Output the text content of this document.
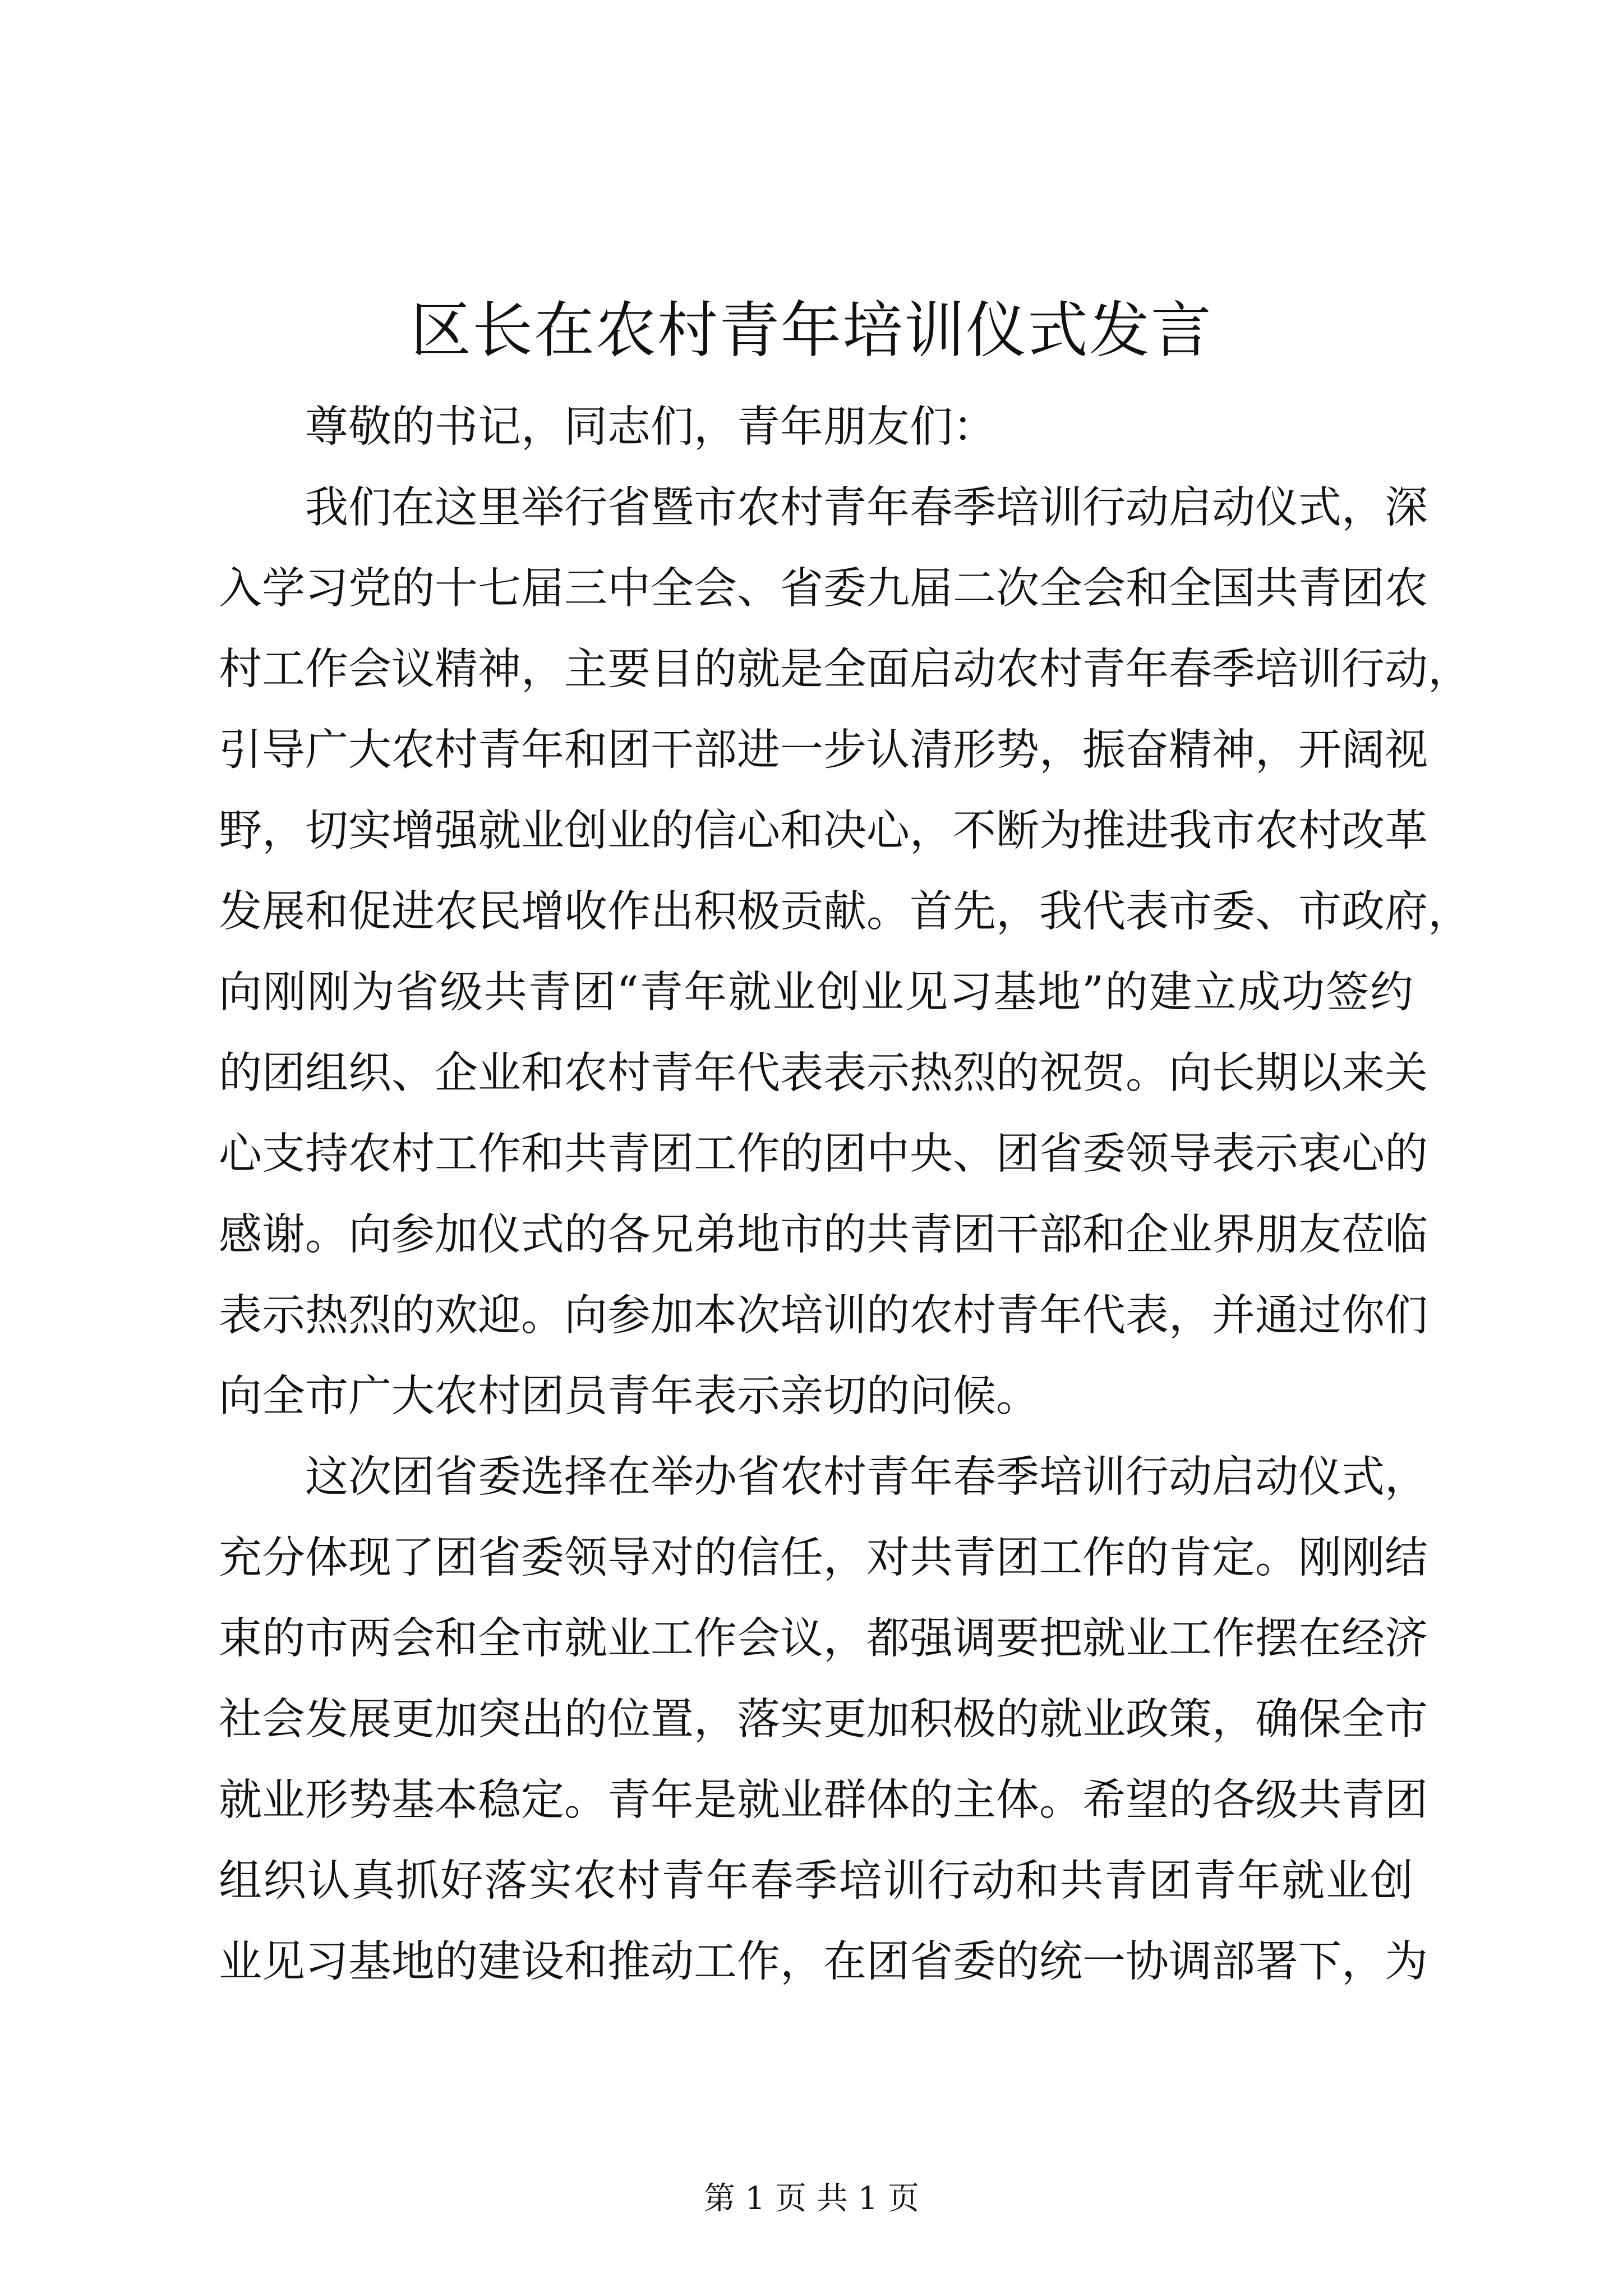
区长在农村青年培训仪式发言
尊敬的书记，同志们，青年朋友们：
我们在这里举行省暨市农村青年春季培训行动启动仪式，深
入学习党的十七届三中全会、省委九届二次全会和全国共青团农
村工作会议精神，主要目的就是全面启动农村青年春季培训行动，
引导广大农村青年和团干部进一步认清形势，振奋精神，开阔视
野，切实增强就业创业的信心和决心，不断为推进我市农村改革
发展和促进农民增收作出积极贡献。首先，我代表市委、市政府，
向刚刚为省级共青团“青年就业创业见习基地”的建立成功签约
的团组织、企业和农村青年代表表示热烈的祝贺。向长期以来关
心支持农村工作和共青团工作的团中央、团省委领导表示衷心的
感谢。向参加仪式的各兄弟地市的共青团干部和企业界朋友莅临
表示热烈的欢迎。向参加本次培训的农村青年代表，并通过你们
向全市广大农村团员青年表示亲切的问候。
这次团省委选择在举办省农村青年春季培训行动启动仪式，
充分体现了团省委领导对的信任，对共青团工作的肯定。刚刚结
束的市两会和全市就业工作会议，都强调要把就业工作摆在经济
社会发展更加突出的位置，落实更加积极的就业政策，确保全市
就业形势基本稳定。青年是就业群体的主体。希望的各级共青团
组织认真抓好落实农村青年春季培训行动和共青团青年就业创
业见习基地的建设和推动工作，在团省委的统一协调部署下，为
第 1 页 共 1 页
